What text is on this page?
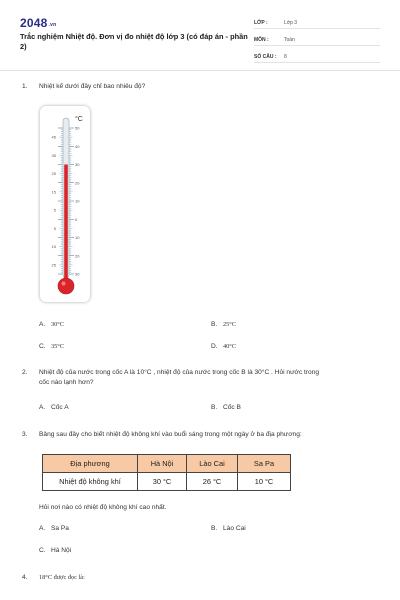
2048.vn
Trắc nghiệm Nhiệt độ. Đơn vị đo nhiệt độ lớp 3 (có đáp án - phần 2)
LỚP :	Lớp 3
MÔN :	Toán
SỐ CÂU :	8
1.	Nhiệt kế dưới đây chỉ bao nhiêu độ?
°C
45
35
25
15
5
5
15
25
50
40
30
20
10
0
10
20
30
A. 30°C	B. 25°C
C. 35°C	D. 40°C
2.	Nhiệt độ của nước trong cốc A là 10°C , nhiệt độ của nước trong cốc B là 30°C . Hỏi nước trong
cốc nào lạnh hơn?
A. Cốc A	B. Cốc B
3.	Bảng sau đây cho biết nhiệt độ không khí vào buổi sáng trong một ngày ở ba địa phương:
Địa phương	Hà Nội	Lào Cai	Sa Pa
Nhiệt độ không khí	30 °C	26 °C	10 °C
Hỏi nơi nào có nhiệt độ không khí cao nhất.
A. Sa Pa	B. Lào Cai
C. Hà Nội
4.	18°C được đọc là:
